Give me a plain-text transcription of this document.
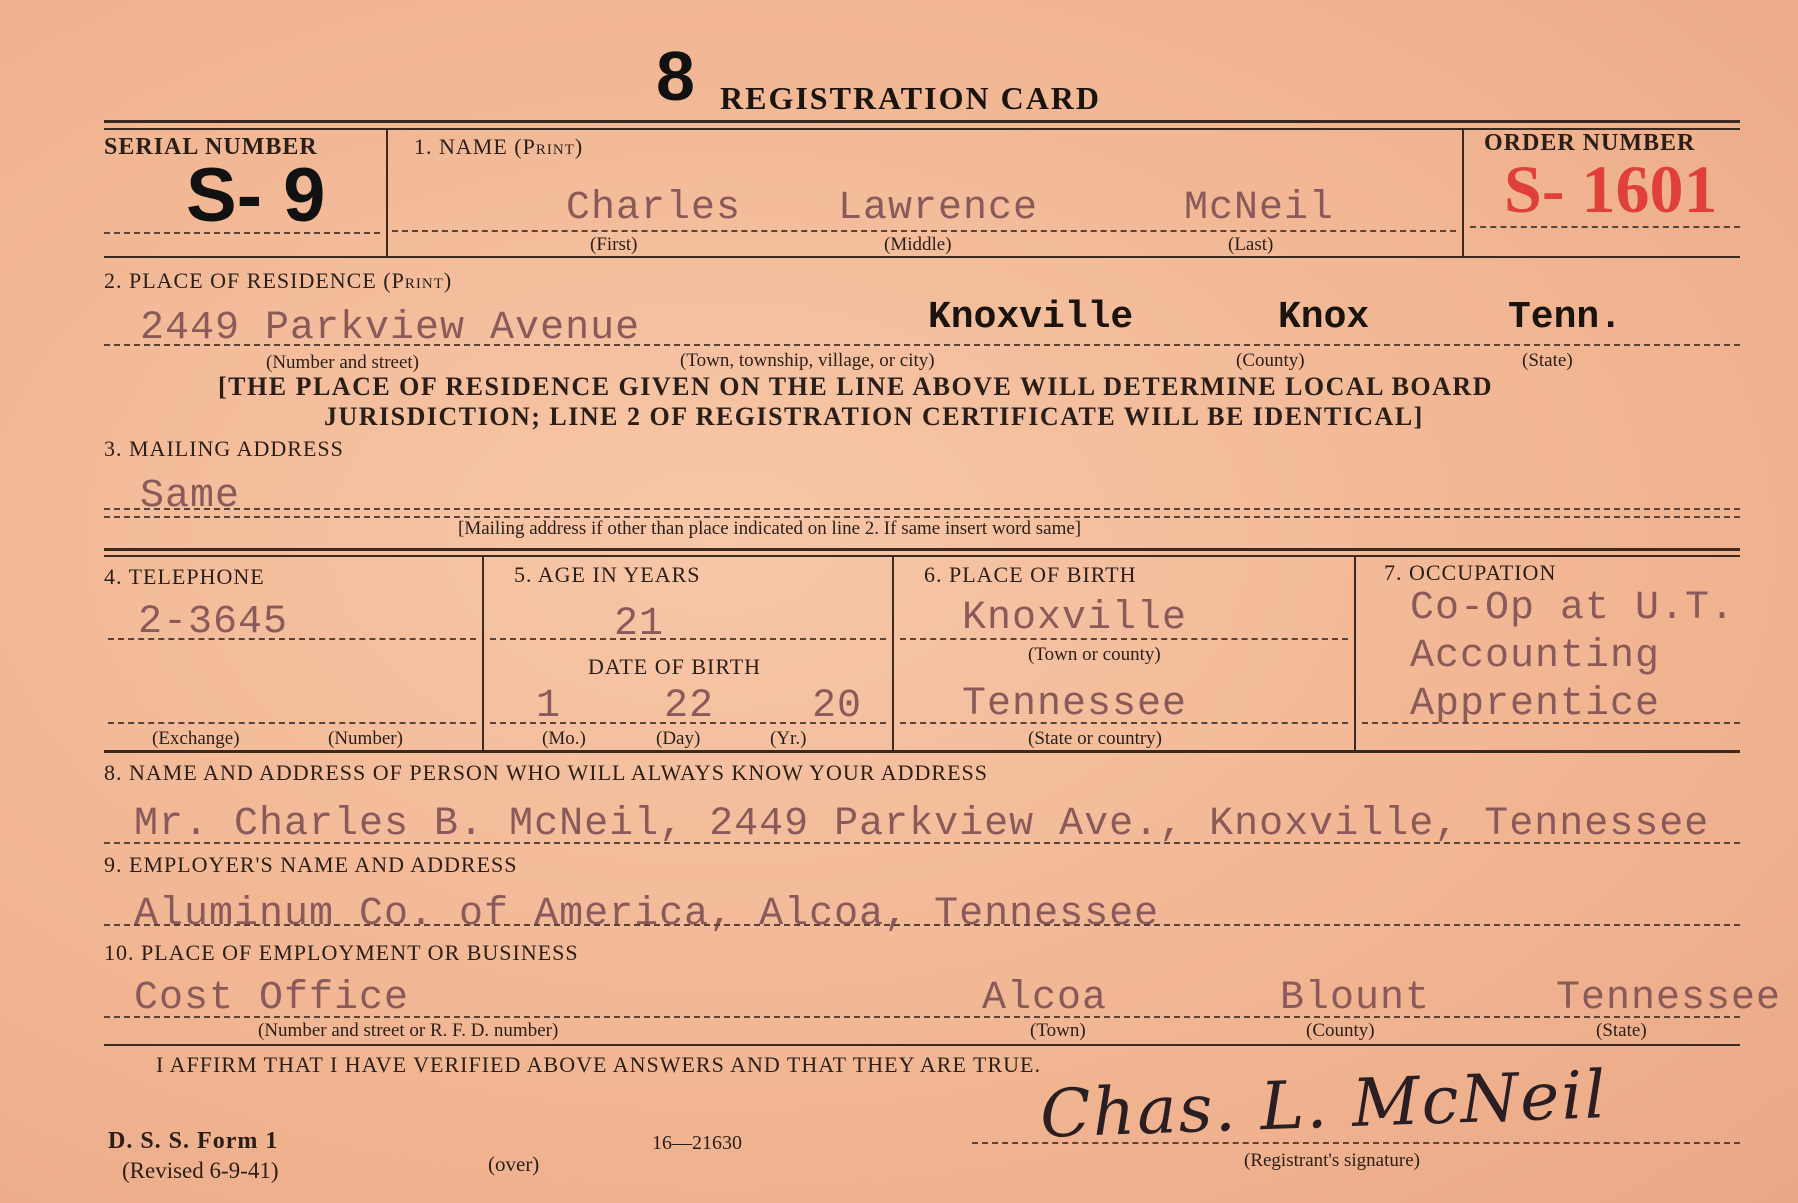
8 REGISTRATION CARD
SERIAL NUMBER
S- 9
1. NAME (Print)
Charles Lawrence	McNeil
(First)	(Middle)	(Last)
ORDER NUMBER
S- 1601
2. PLACE OF RESIDENCE (Print)
2449 Parkview Avenue	Knoxville	Knox	Tenn.
(Number and street)	(Town, township, village, or city)	(County)	(State)
[THE PLACE OF RESIDENCE GIVEN ON THE LINE ABOVE WILL DETERMINE LOCAL BOARD
JURISDICTION; LINE 2 OF REGISTRATION CERTIFICATE WILL BE IDENTICAL]
3. MAILING ADDRESS
Same
[Mailing address if other than place indicated on line 2. If same insert word same]
4. TELEPHONE
2-3645
(Exchange)	(Number)
5. AGE IN YEARS
21
DATE OF BIRTH
1	22 20
(Mo.)	(Day)	(Yr.)
6. PLACE OF BIRTH
Knoxville
(Town or county)
Tennessee
(State or country)
7. OCCUPATION
Co-Op at U.T.
Accounting
Apprentice
8. NAME AND ADDRESS OF PERSON WHO WILL ALWAYS KNOW YOUR ADDRESS
Mr. Charles B. McNeil, 2449 Parkview Ave., Knoxville, Tennessee
9. EMPLOYER'S NAME AND ADDRESS
Aluminum Co. of America, Alcoa, Tennessee
10. PLACE OF EMPLOYMENT OR BUSINESS
Cost Office	Alcoa	Blount	Tennessee
(Number and street or R. F. D. number)	(Town)	(County)	(State)
I AFFIRM THAT I HAVE VERIFIED ABOVE ANSWERS AND THAT THEY ARE TRUE.
Chas. L. McNeil
(Registrant's signature)
D. S. S. Form 1
(Revised 6-9-41)	(over)
16—21630
